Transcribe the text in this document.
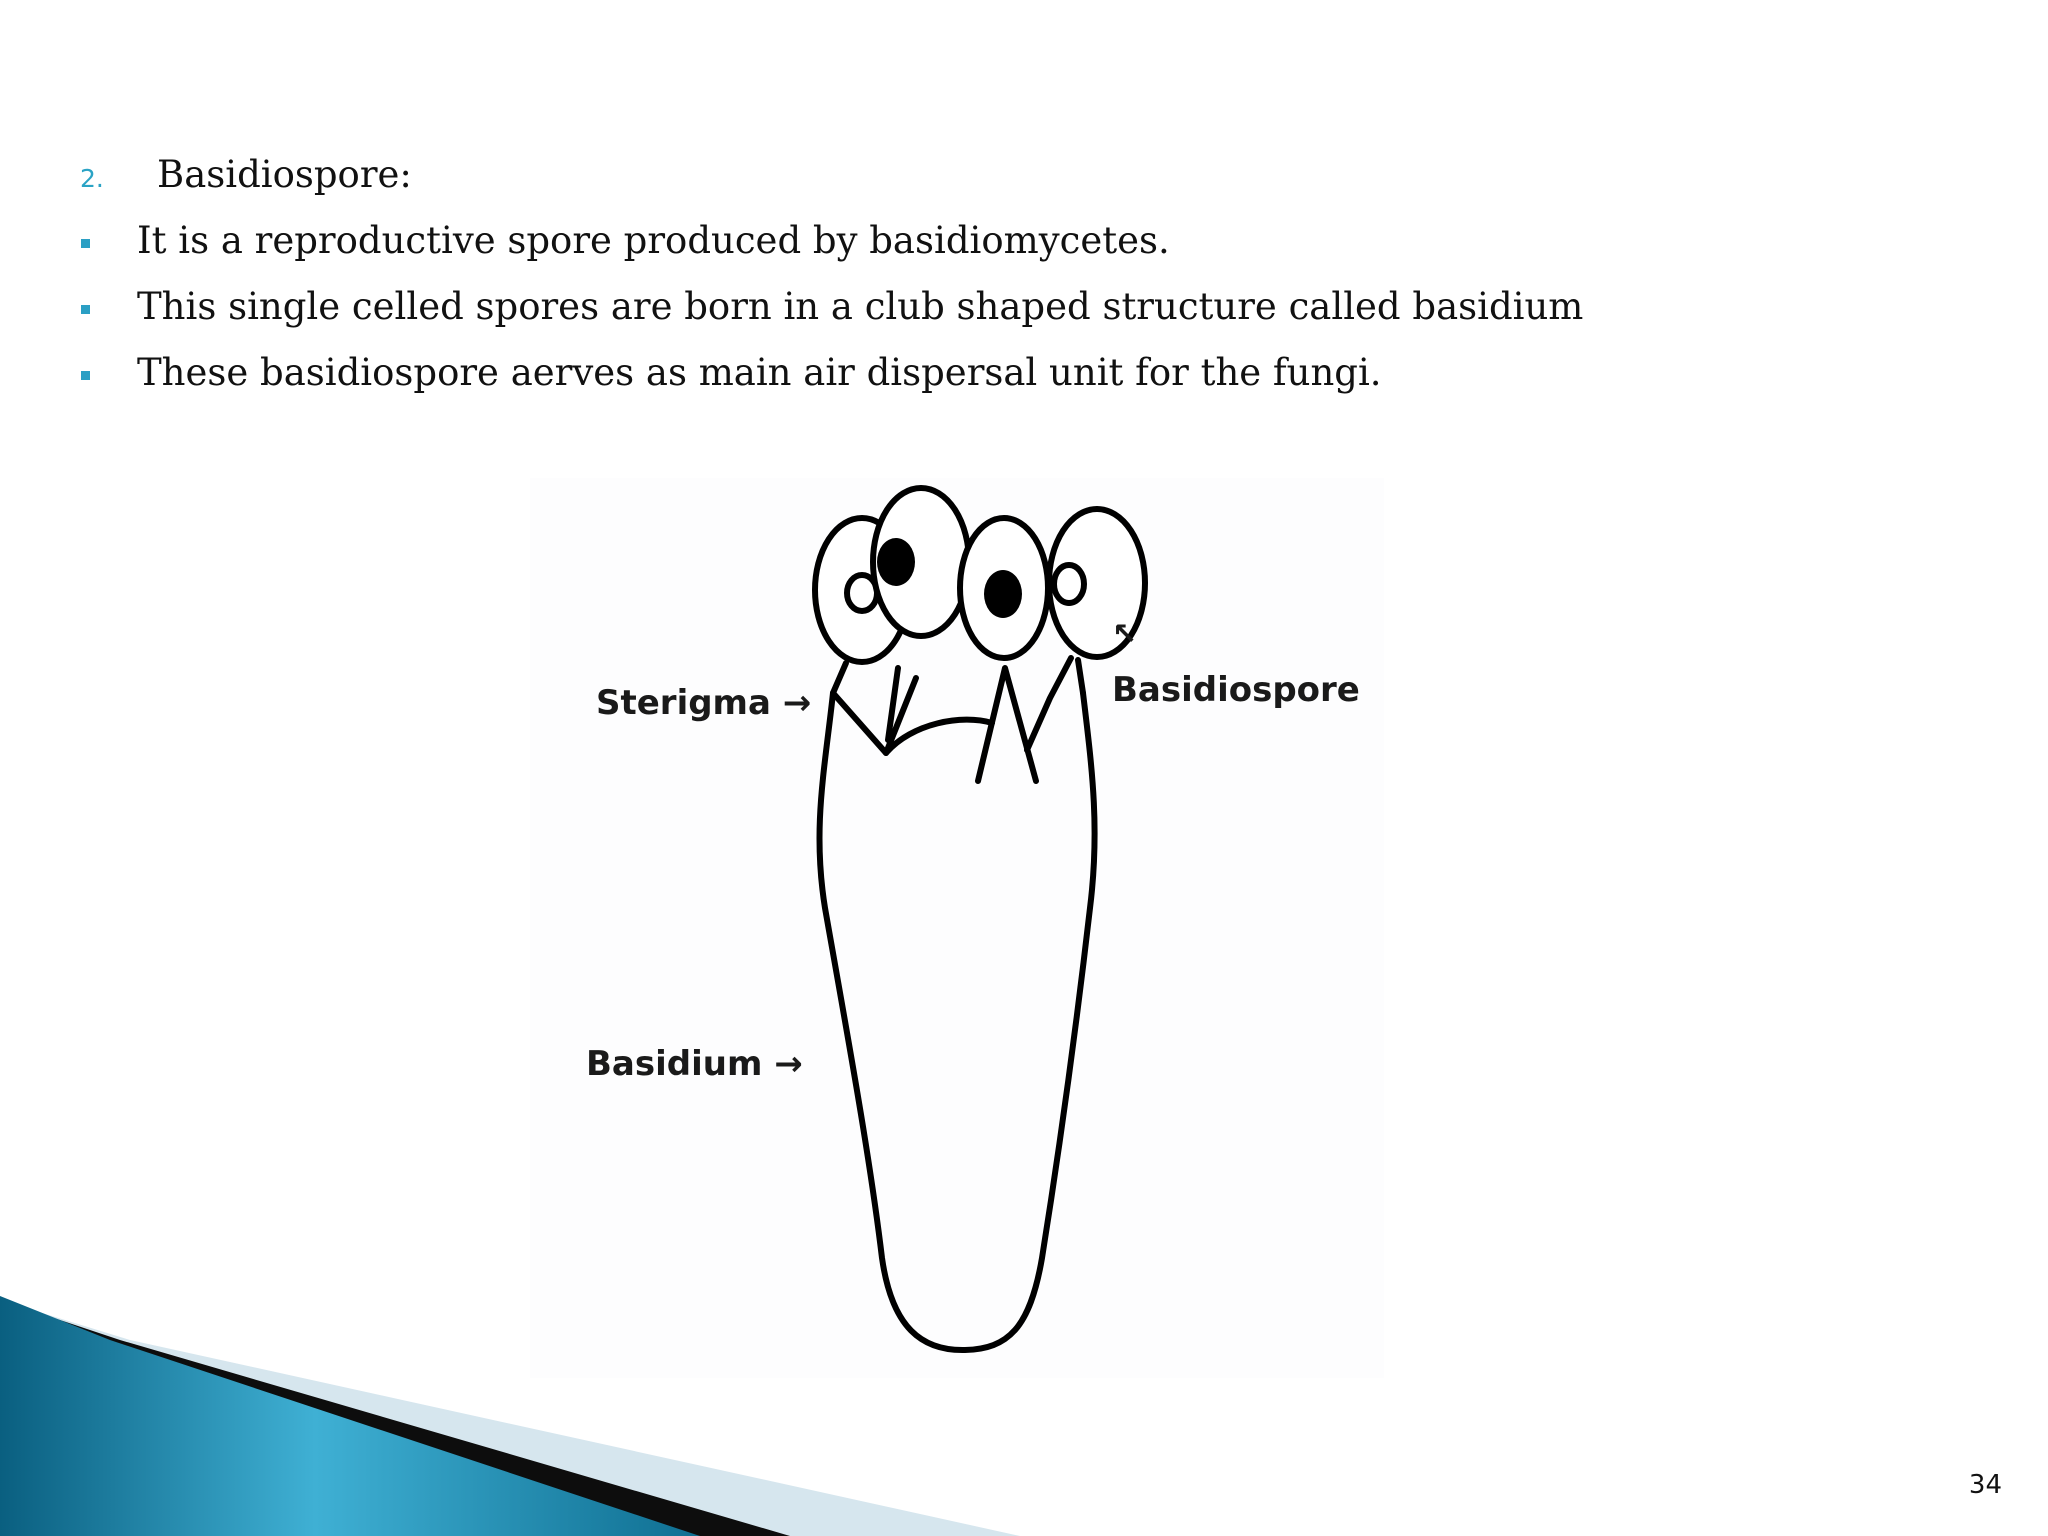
2. Basidiospore:
It is a reproductive spore produced by basidiomycetes.
This single celled spores are born in a club shaped structure called basidium
These basidiospore aerves as main air dispersal unit for the fungi.
Sterigma →
↖
Basidiospore
Basidium →
34
